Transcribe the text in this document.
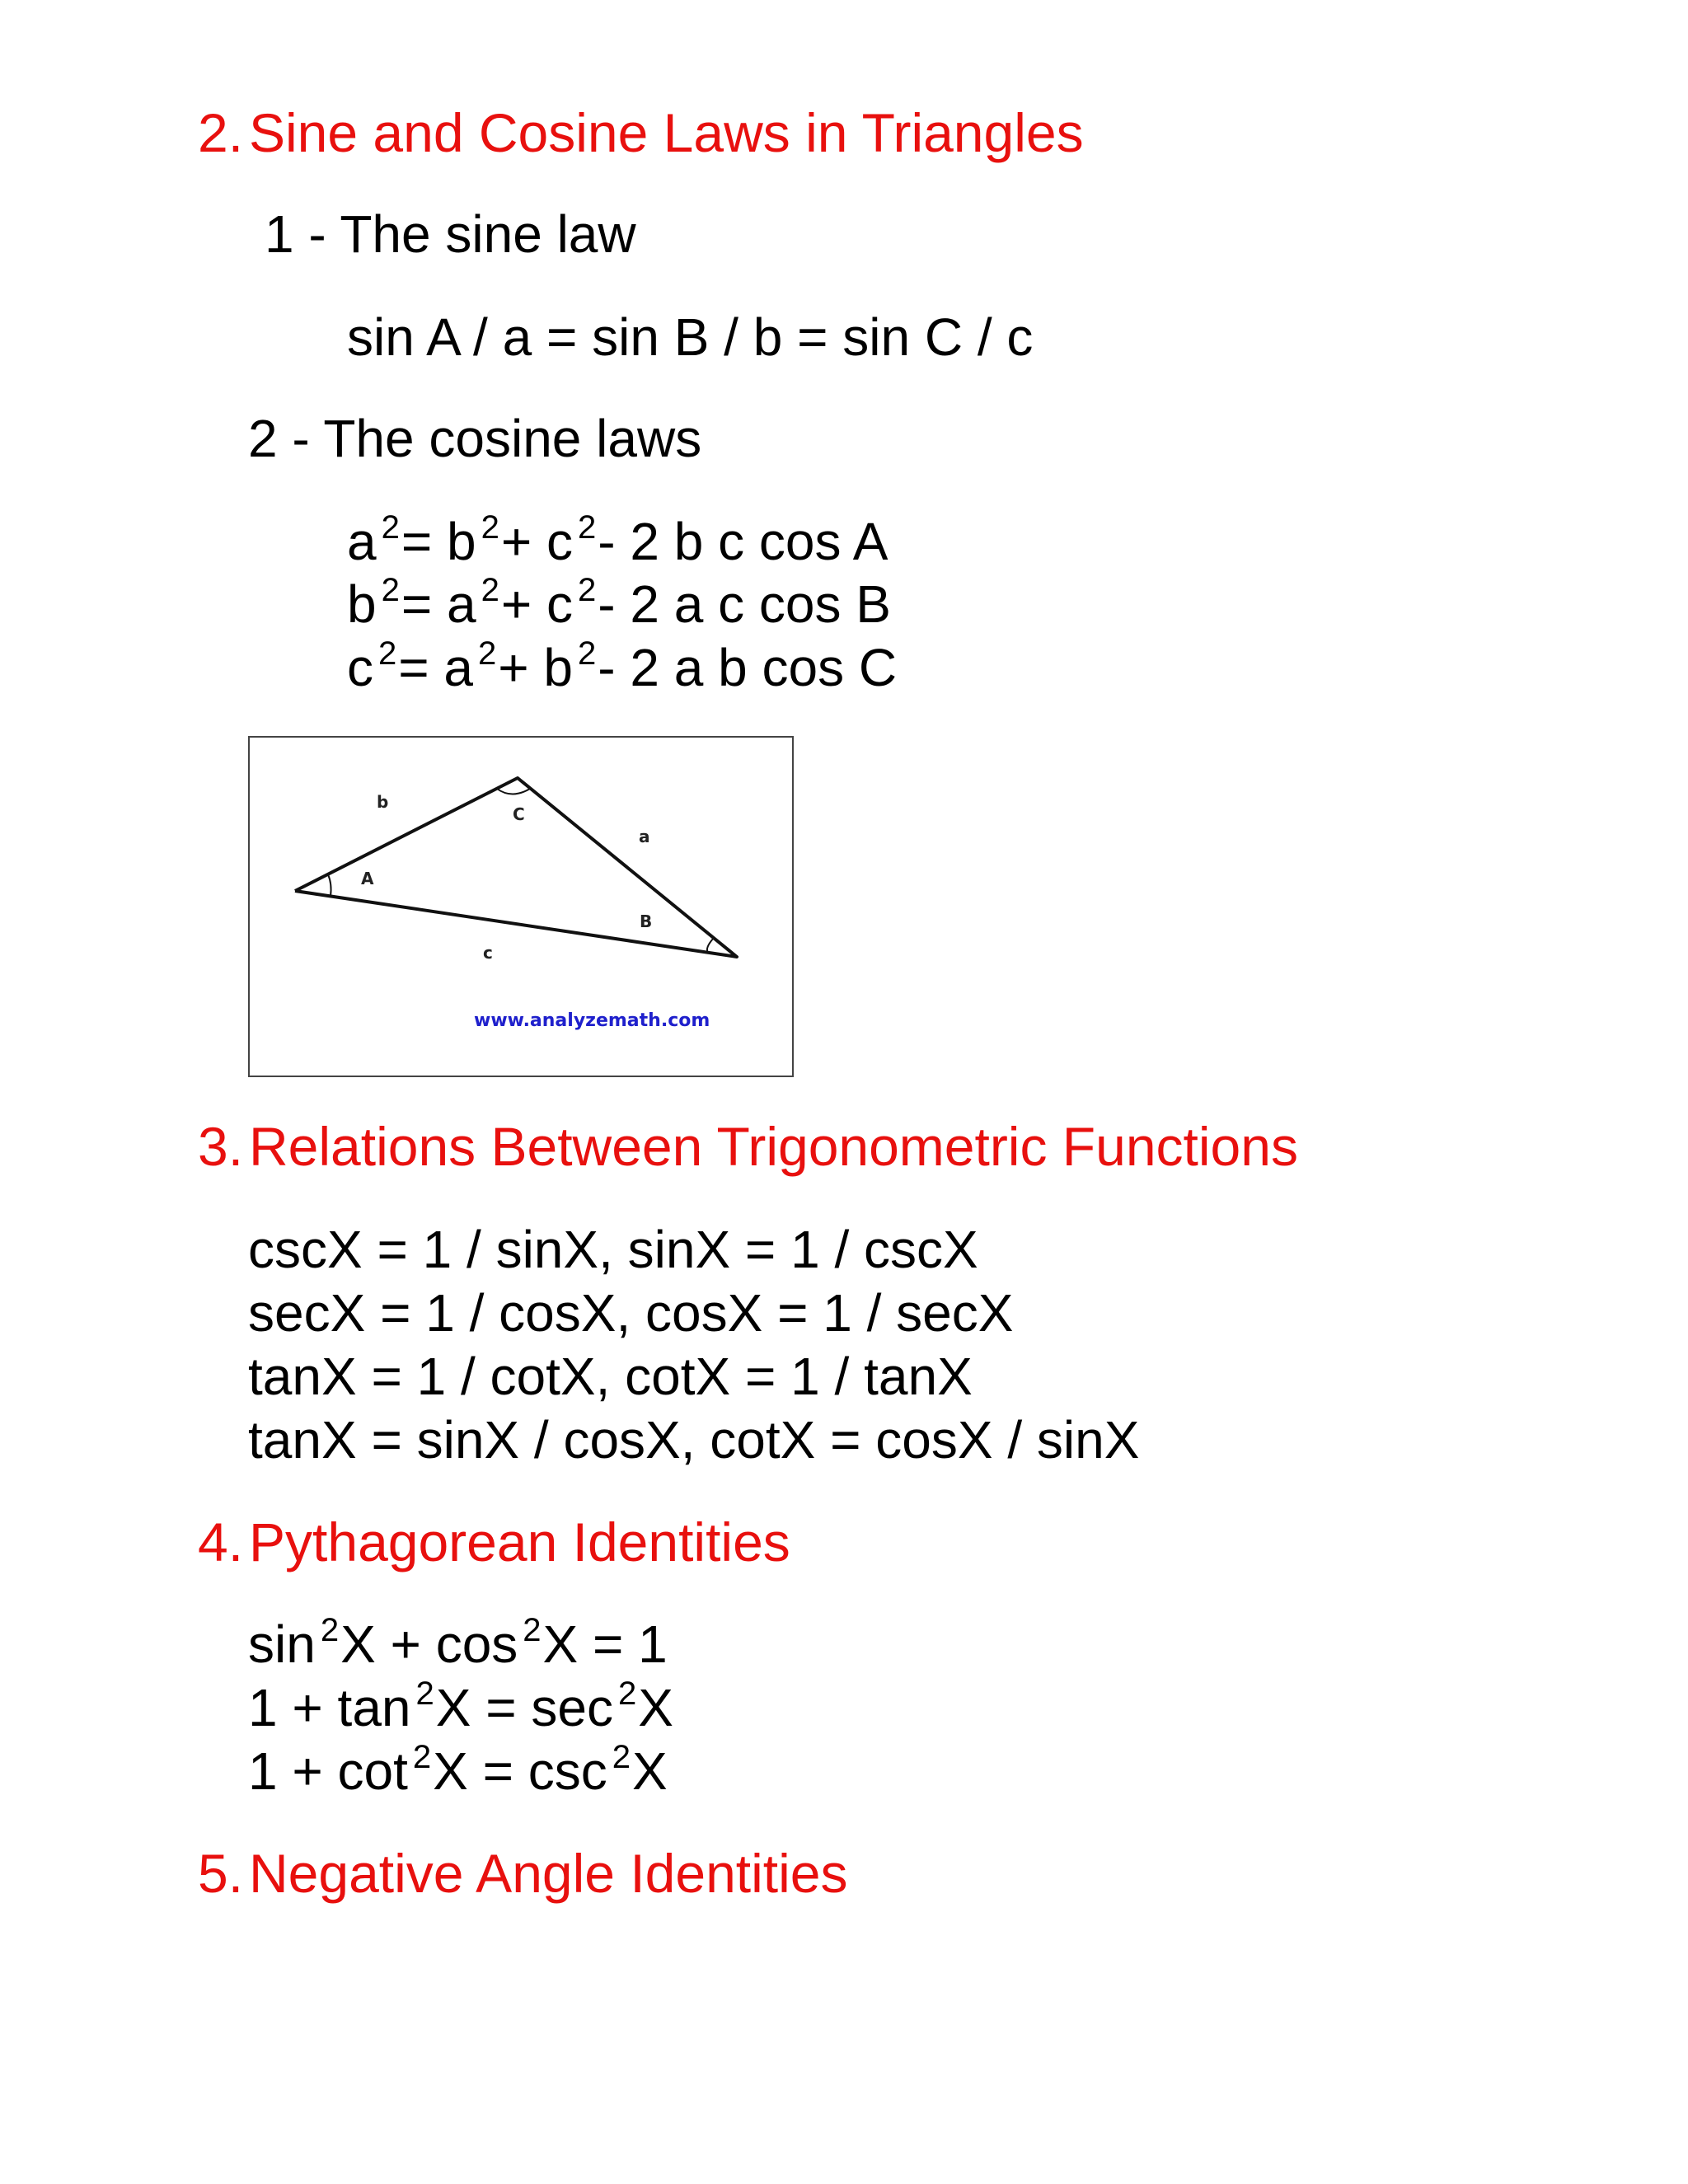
2. Sine and Cosine Laws in Triangles
1 - The sine law
sin A / a = sin B / b = sin C / c
2 - The cosine laws
a $^2$= b $^2$+ c $^2$- 2 b c cos A
b $^2$= a $^2$+ c $^2$- 2 a c cos B
c $^2$= a $^2$+ b $^2$- 2 a b cos C
b
C
a
A
B
c
www.analyzemath.com
3. Relations Between Trigonometric Functions
cscX = 1 / sinX, sinX = 1 / cscX
secX = 1 / cosX, cosX = 1 / secX
tanX = 1 / cotX, cotX = 1 / tanX
tanX = sinX / cosX, cotX = cosX / sinX
4. Pythagorean Identities
sin $^2$X + cos $^2$X = 1
1 + tan $^2$X = sec $^2$X
1 + cot $^2$X = csc $^2$X
5. Negative Angle Identities
